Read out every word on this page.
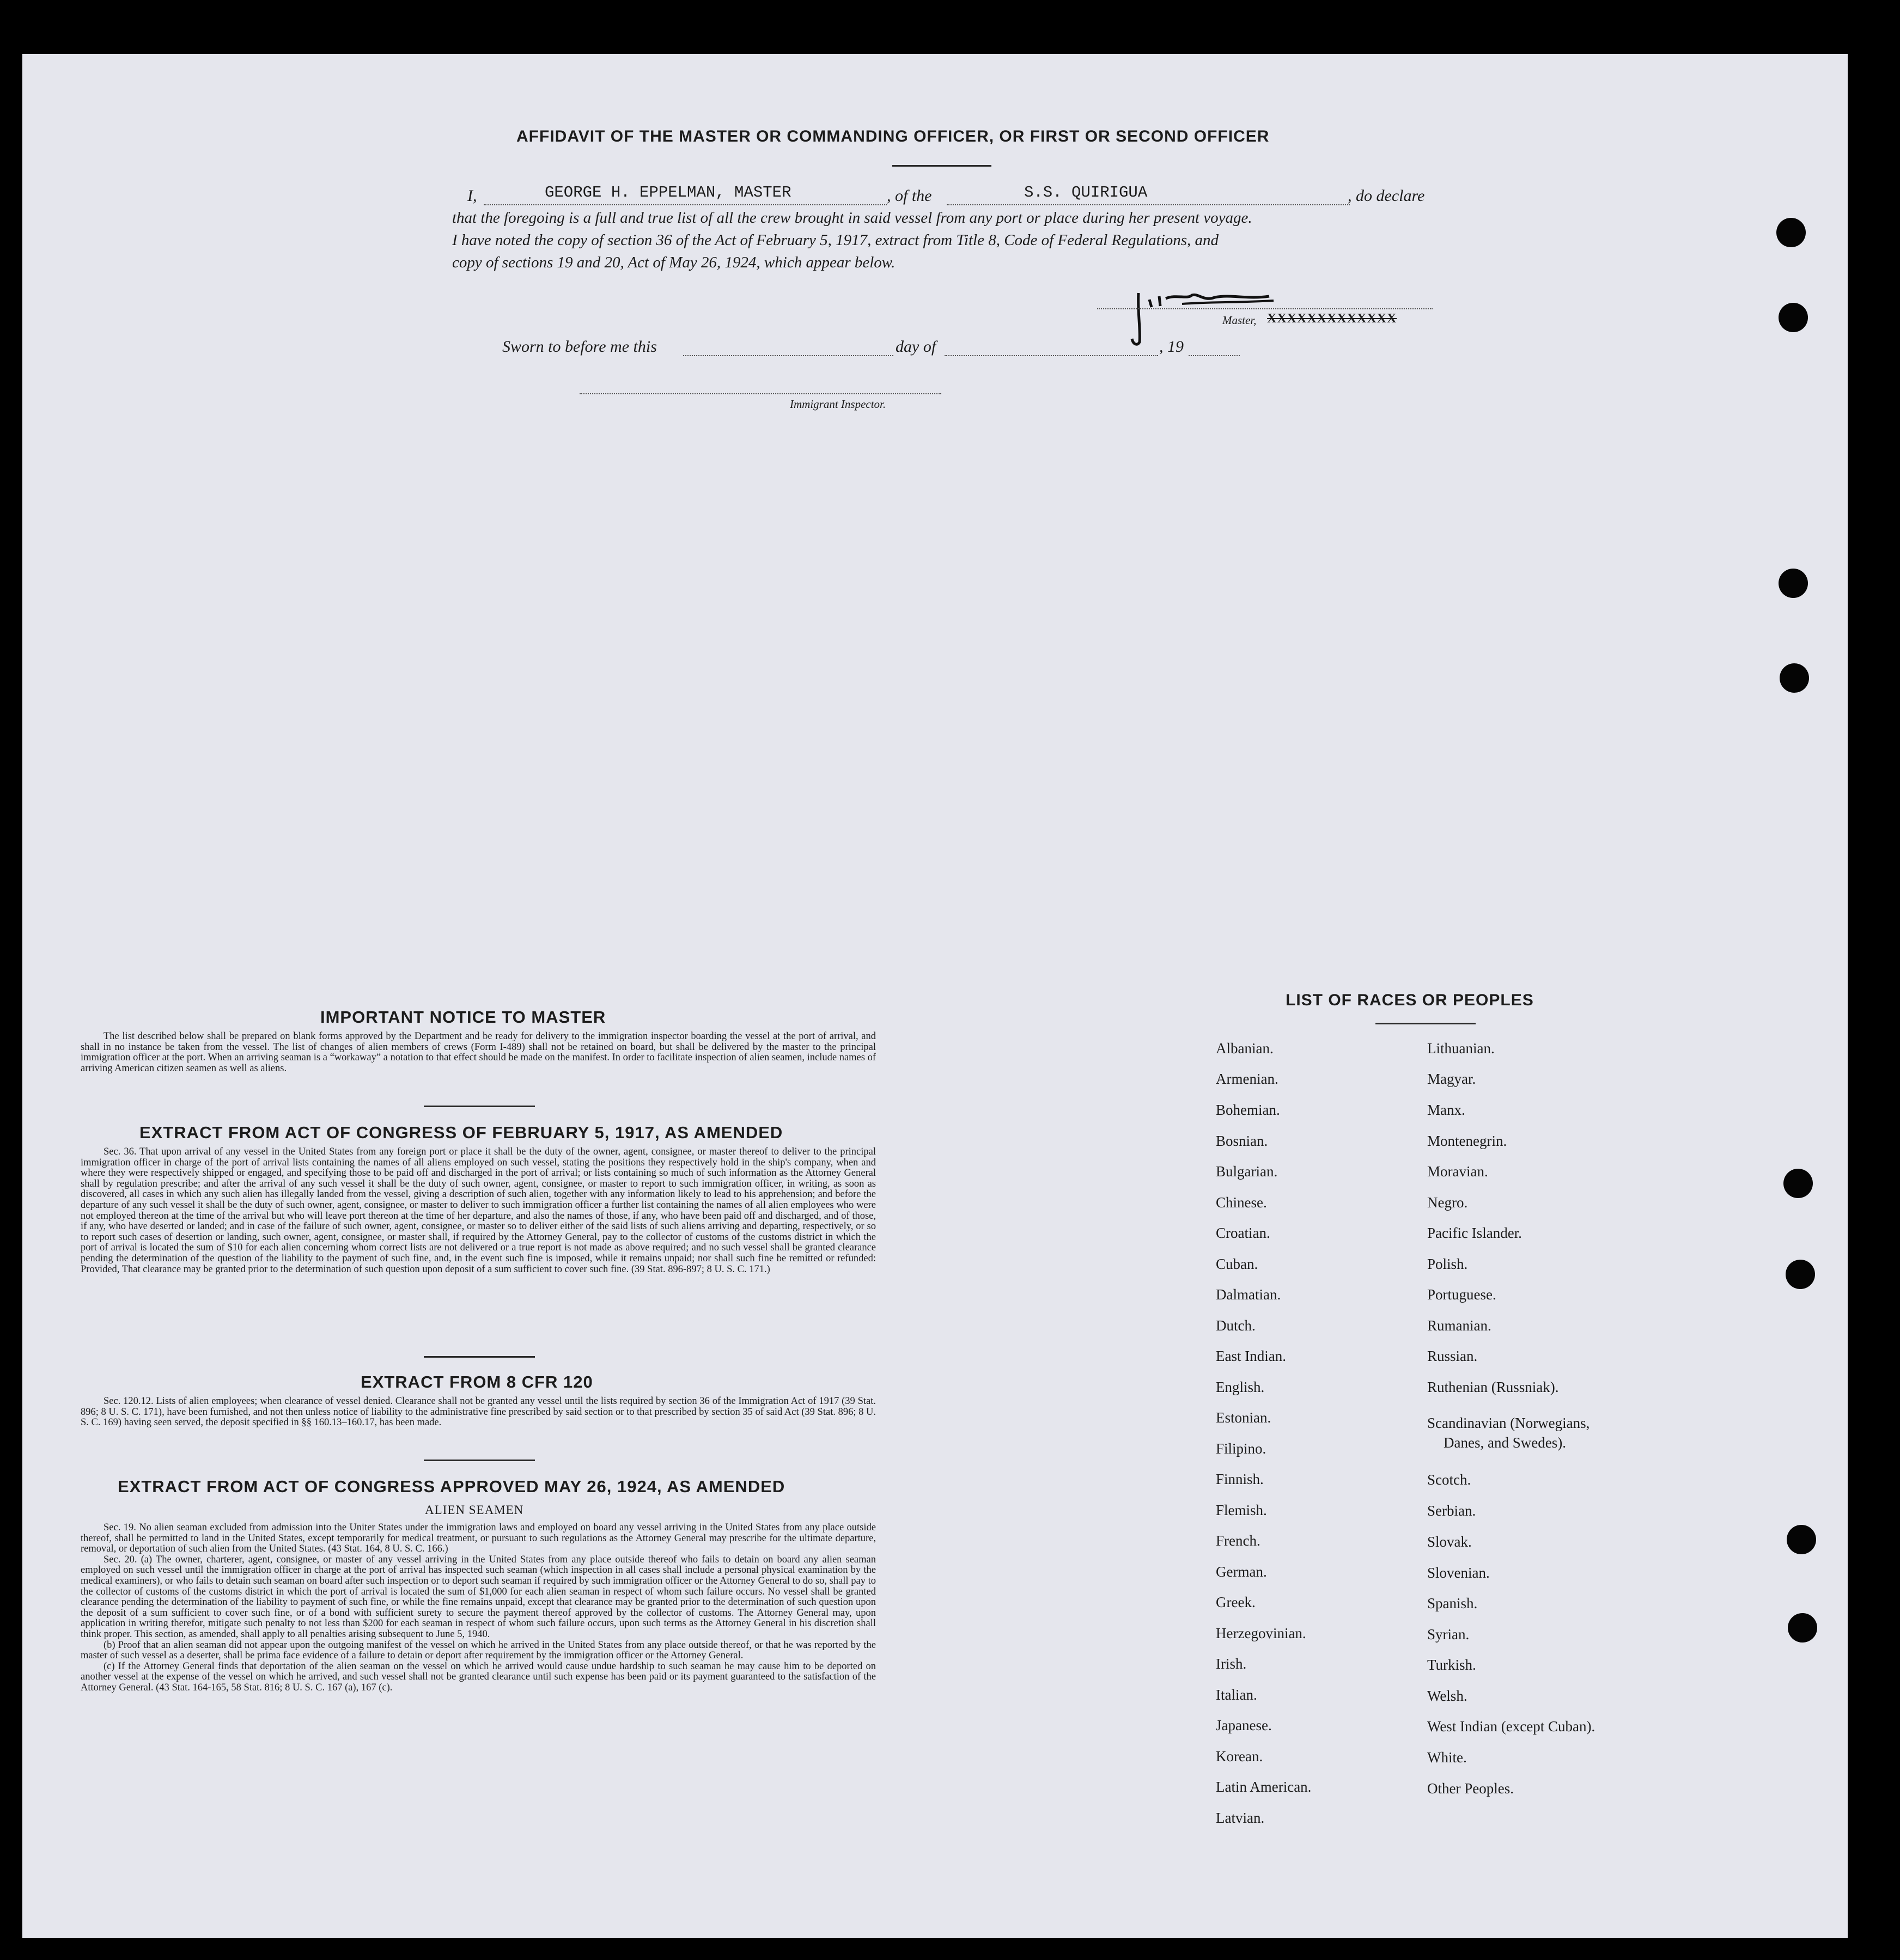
AFFIDAVIT OF THE MASTER OR COMMANDING OFFICER, OR FIRST OR SECOND OFFICER
I,	GEORGE H. EPPELMAN, MASTER	, of the	S.S. QUIRIGUA	, do declare
that the foregoing is a full and true list of all the crew brought in said vessel from any port or place during her present voyage.
I have noted the copy of section 36 of the Act of February 5, 1917, extract from Title 8, Code of Federal Regulations, and
copy of sections 19 and 20, Act of May 26, 1924, which appear below.
Master, XXXXXXXXXXXXX
Sworn to before me this	day of	, 19
Immigrant Inspector.
IMPORTANT NOTICE TO MASTER
The list described below shall be prepared on blank forms approved by the Department and be ready for delivery to the immigration inspector boarding the vessel at the port of arrival, and shall in no instance be taken from the vessel. The list of changes of alien members of crews (Form I-489) shall not be retained on board, but shall be delivered by the master to the principal immigration officer at the port. When an arriving seaman is a “workaway” a notation to that effect should be made on the manifest. In order to facilitate inspection of alien seamen, include names of arriving American citizen seamen as well as aliens.
EXTRACT FROM ACT OF CONGRESS OF FEBRUARY 5, 1917, AS AMENDED
Sec. 36. That upon arrival of any vessel in the United States from any foreign port or place it shall be the duty of the owner, agent, consignee, or master thereof to deliver to the principal immigration officer in charge of the port of arrival lists containing the names of all aliens employed on such vessel, stating the positions they respectively hold in the ship's company, when and where they were respectively shipped or engaged, and specifying those to be paid off and discharged in the port of arrival; or lists containing so much of such information as the Attorney General shall by regulation prescribe; and after the arrival of any such vessel it shall be the duty of such owner, agent, consignee, or master to report to such immigration officer, in writing, as soon as discovered, all cases in which any such alien has illegally landed from the vessel, giving a description of such alien, together with any information likely to lead to his apprehension; and before the departure of any such vessel it shall be the duty of such owner, agent, consignee, or master to deliver to such immigration officer a further list containing the names of all alien employees who were not employed thereon at the time of the arrival but who will leave port thereon at the time of her departure, and also the names of those, if any, who have been paid off and discharged, and of those, if any, who have deserted or landed; and in case of the failure of such owner, agent, consignee, or master so to deliver either of the said lists of such aliens arriving and departing, respectively, or so to report such cases of desertion or landing, such owner, agent, consignee, or master shall, if required by the Attorney General, pay to the collector of customs of the customs district in which the port of arrival is located the sum of $10 for each alien concerning whom correct lists are not delivered or a true report is not made as above required; and no such vessel shall be granted clearance pending the determination of the question of the liability to the payment of such fine, and, in the event such fine is imposed, while it remains unpaid; nor shall such fine be remitted or refunded: Provided, That clearance may be granted prior to the determination of such question upon deposit of a sum sufficient to cover such fine. (39 Stat. 896-897; 8 U. S. C. 171.)
EXTRACT FROM 8 CFR 120
Sec. 120.12. Lists of alien employees; when clearance of vessel denied. Clearance shall not be granted any vessel until the lists required by section 36 of the Immigration Act of 1917 (39 Stat. 896; 8 U. S. C. 171), have been furnished, and not then unless notice of liability to the administrative fine prescribed by said section or to that prescribed by section 35 of said Act (39 Stat. 896; 8 U. S. C. 169) having seen served, the deposit specified in §§ 160.13–160.17, has been made.
EXTRACT FROM ACT OF CONGRESS APPROVED MAY 26, 1924, AS AMENDED
ALIEN SEAMEN

Sec. 19. No alien seaman excluded from admission into the Uniter States under the immigration laws and employed on board any vessel arriving in the United States from any place outside thereof, shall be permitted to land in the United States, except temporarily for medical treatment, or pursuant to such regulations as the Attorney General may prescribe for the ultimate departure, removal, or deportation of such alien from the United States. (43 Stat. 164, 8 U. S. C. 166.)

Sec. 20. (a) The owner, charterer, agent, consignee, or master of any vessel arriving in the United States from any place outside thereof who fails to detain on board any alien seaman employed on such vessel until the immigration officer in charge at the port of arrival has inspected such seaman (which inspection in all cases shall include a personal physical examination by the medical examiners), or who fails to detain such seaman on board after such inspection or to deport such seaman if required by such immigration officer or the Attorney General to do so, shall pay to the collector of customs of the customs district in which the port of arrival is located the sum of $1,000 for each alien seaman in respect of whom such failure occurs. No vessel shall be granted clearance pending the determination of the liability to payment of such fine, or while the fine remains unpaid, except that clearance may be granted prior to the determination of such question upon the deposit of a sum sufficient to cover such fine, or of a bond with sufficient surety to secure the payment thereof approved by the collector of customs. The Attorney General may, upon application in writing therefor, mitigate such penalty to not less than $200 for each seaman in respect of whom such failure occurs, upon such terms as the Attorney General in his discretion shall think proper. This section, as amended, shall apply to all penalties arising subsequent to June 5, 1940.

(b) Proof that an alien seaman did not appear upon the outgoing manifest of the vessel on which he arrived in the United States from any place outside thereof, or that he was reported by the master of such vessel as a deserter, shall be prima face evidence of a failure to detain or deport after requirement by the immigration officer or the Attorney General.

(c) If the Attorney General finds that deportation of the alien seaman on the vessel on which he arrived would cause undue hardship to such seaman he may cause him to be deported on another vessel at the expense of the vessel on which he arrived, and such vessel shall not be granted clearance until such expense has been paid or its payment guaranteed to the satisfaction of the Attorney General. (43 Stat. 164-165, 58 Stat. 816; 8 U. S. C. 167 (a), 167 (c).

LIST OF RACES OR PEOPLES
Albanian.
Armenian.
Bohemian.
Bosnian.
Bulgarian.
Chinese.
Croatian.
Cuban.
Dalmatian.
Dutch.
East Indian.
English.
Estonian.
Filipino.
Finnish.
Flemish.
French.
German.
Greek.
Herzegovinian.
Irish.
Italian.
Japanese.
Korean.
Latin American.
Latvian.
Lithuanian.
Magyar.
Manx.
Montenegrin.
Moravian.
Negro.
Pacific Islander.
Polish.
Portuguese.
Rumanian.
Russian.
Ruthenian (Russniak).
Scandinavian (Norwegians,
Danes, and Swedes).
Scotch.
Serbian.
Slovak.
Slovenian.
Spanish.
Syrian.
Turkish.
Welsh.
West Indian (except Cuban).
White.
Other Peoples.
